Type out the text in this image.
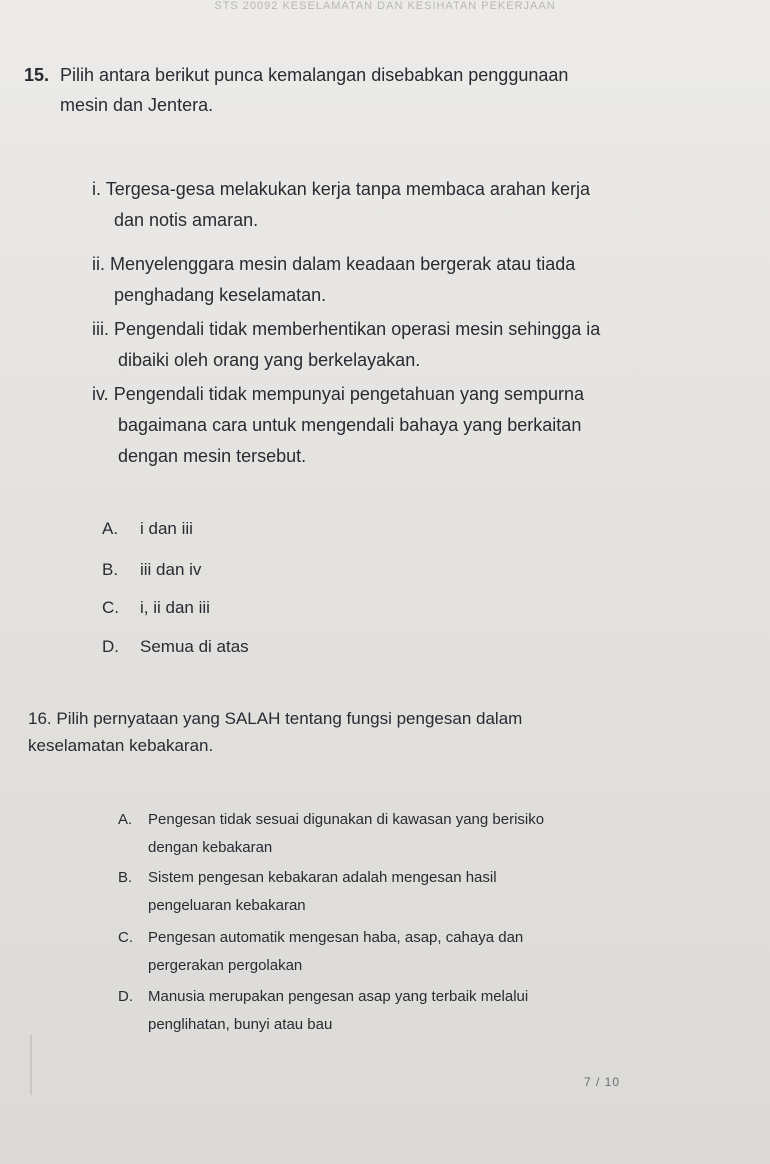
STS 20092 KESELAMATAN DAN KESIHATAN PEKERJAAN
15. Pilih antara berikut punca kemalangan disebabkan penggunaan
mesin dan Jentera.
i. Tergesa-gesa melakukan kerja tanpa membaca arahan kerja
dan notis amaran.
ii. Menyelenggara mesin dalam keadaan bergerak atau tiada
penghadang keselamatan.
iii. Pengendali tidak memberhentikan operasi mesin sehingga ia
dibaiki oleh orang yang berkelayakan.
iv. Pengendali tidak mempunyai pengetahuan yang sempurna
bagaimana cara untuk mengendali bahaya yang berkaitan
dengan mesin tersebut.
A. i dan iii
B. iii dan iv
C. i, ii dan iii
D. Semua di atas
16. Pilih pernyataan yang SALAH tentang fungsi pengesan dalam
keselamatan kebakaran.
A.	Pengesan tidak sesuai digunakan di kawasan yang berisiko
dengan kebakaran
B.	Sistem pengesan kebakaran adalah mengesan hasil
pengeluaran kebakaran
C.	Pengesan automatik mengesan haba, asap, cahaya dan
pergerakan pergolakan
D.	Manusia merupakan pengesan asap yang terbaik melalui
penglihatan, bunyi atau bau
7 / 10
